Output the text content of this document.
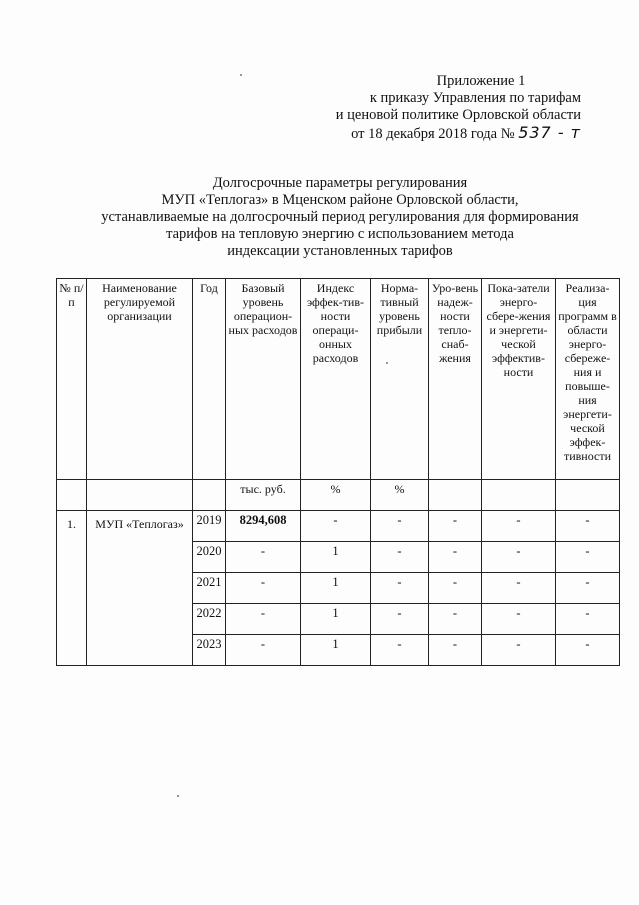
Приложение 1
к приказу Управления по тарифам
и ценовой политике Орловской области
от 18 декабря 2018 года № 537 - т
Долгосрочные параметры регулирования
МУП «Теплогаз» в Мценском районе Орловской области,
устанавливаемые на долгосрочный период регулирования для формирования
тарифов на тепловую энергию с использованием метода
индексации установленных тарифов
№ п/п	Наименование регулируемой организации	Год	Базовый уровень операцион-ных расходов	Индекс эффек-тив-ности операци-онных расходов	Норма-тивный уровень прибыли	Уро-вень надеж-ности тепло-снаб-жения	Пока-затели энерго-сбере-жения и энергети-ческой эффектив-ности	Реализа-ция программ в области энерго-сбереже-ния и повыше-ния энергети-ческой эффек-тивности
			тыс. руб.	%	%			
1.	МУП «Теплогаз»	2019	8294,608	-	-	-	-	-
		2020	-	1	-	-	-	-
		2021	-	1	-	-	-	-
		2022	-	1	-	-	-	-
		2023	-	1	-	-	-	-
